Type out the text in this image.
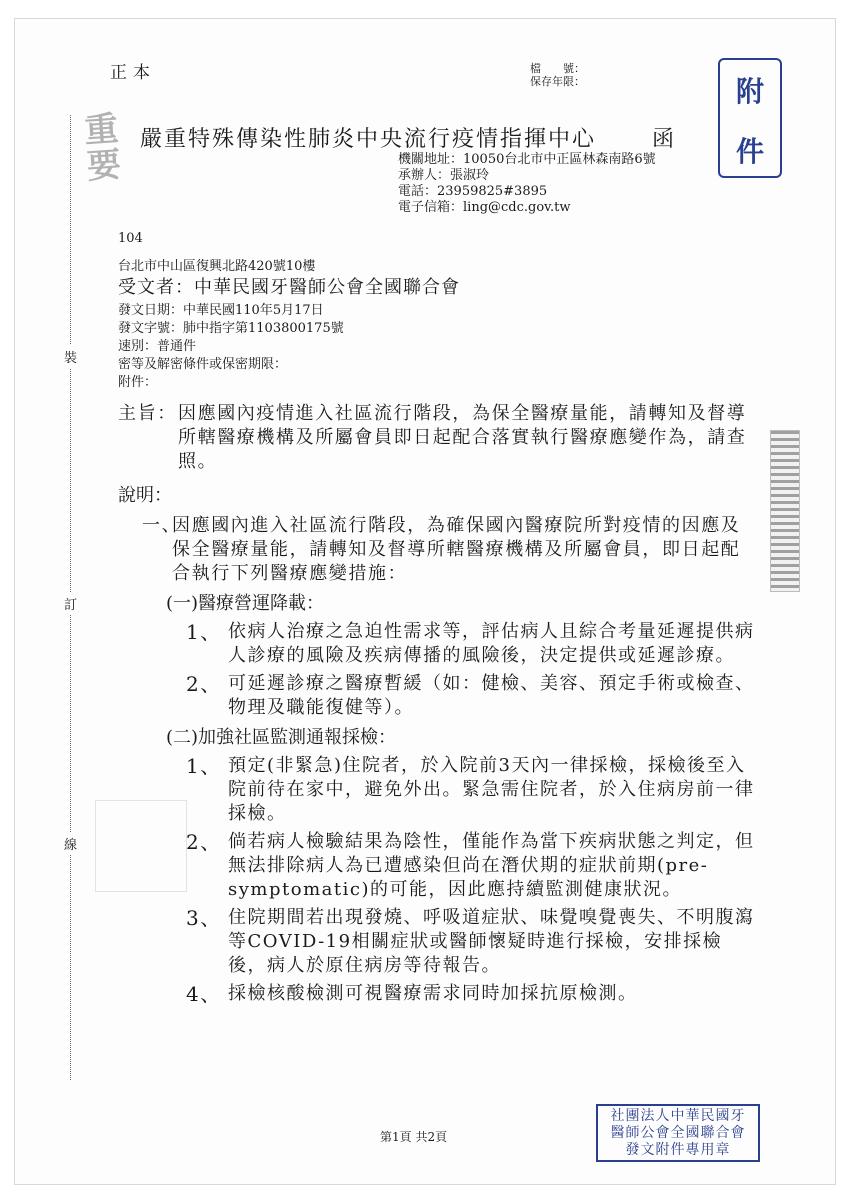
裝
訂
線
正本	檔　　號：
保存年限：	附
件
重
要
嚴重特殊傳染性肺炎中央流行疫情指揮中心	函
機關地址：10050台北市中正區林森南路6號
承辦人：張淑玲
電話：23959825#3895
電子信箱：ling@cdc.gov.tw
104
台北市中山區復興北路420號10樓
受文者：中華民國牙醫師公會全國聯合會
發文日期：中華民國110年5月17日
發文字號：肺中指字第1103800175號
速別：普通件
密等及解密條件或保密期限：
附件：
主旨： 因應國內疫情進入社區流行階段，為保全醫療量能，請轉知及督導所轄醫療機構及所屬會員即日起配合落實執行醫療應變作為，請查照。
說明：
一、
因應國內進入社區流行階段，為確保國內醫療院所對疫情的因應及保全醫療量能，請轉知及督導所轄醫療機構及所屬會員，即日起配合執行下列醫療應變措施：
(一)醫療營運降載：
1、 依病人治療之急迫性需求等，評估病人且綜合考量延遲提供病人診療的風險及疾病傳播的風險後，決定提供或延遲診療。
2、 可延遲診療之醫療暫緩（如：健檢、美容、預定手術或檢查、物理及職能復健等）。
(二)加強社區監測通報採檢：
1、 預定(非緊急)住院者，於入院前3天內一律採檢，採檢後至入院前待在家中，避免外出。緊急需住院者，於入住病房前一律採檢。
2、 倘若病人檢驗結果為陰性，僅能作為當下疾病狀態之判定，但無法排除病人為已遭感染但尚在潛伏期的症狀前期(pre-symptomatic)的可能，因此應持續監測健康狀況。
3、 住院期間若出現發燒、呼吸道症狀、味覺嗅覺喪失、不明腹瀉等COVID-19相關症狀或醫師懷疑時進行採檢，安排採檢後，病人於原住病房等待報告。
4、 採檢核酸檢測可視醫療需求同時加採抗原檢測。
第1頁 共2頁
社團法人中華民國牙
醫師公會全國聯合會
發文附件專用章
